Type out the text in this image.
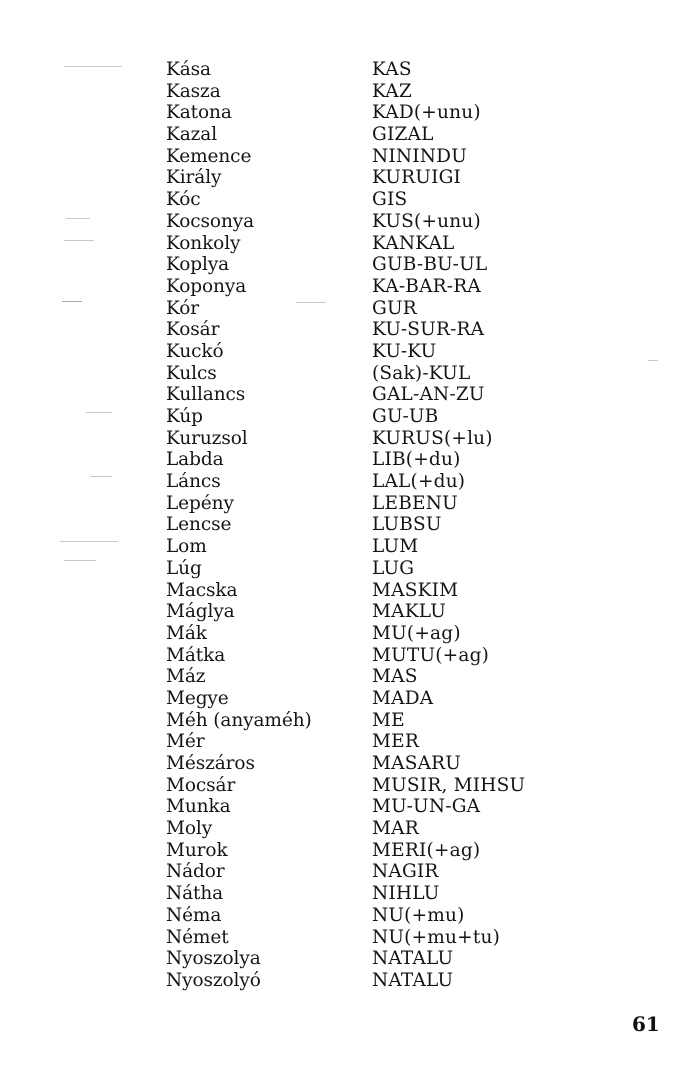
Kása	KAS
Kasza	KAZ
Katona	KAD(+unu)
Kazal	GIZAL
Kemence	NININDU
Király	KURUIGI
Kóc	GIS
Kocsonya	KUS(+unu)
Konkoly	KANKAL
Koplya	GUB-BU-UL
Koponya	KA-BAR-RA
Kór	GUR
Kosár	KU-SUR-RA
Kuckó	KU-KU
Kulcs	(Sak)-KUL
Kullancs	GAL-AN-ZU
Kúp	GU-UB
Kuruzsol	KURUS(+lu)
Labda	LIB(+du)
Láncs	LAL(+du)
Lepény	LEBENU
Lencse	LUBSU
Lom	LUM
Lúg	LUG
Macska	MASKIM
Máglya	MAKLU
Mák	MU(+ag)
Mátka	MUTU(+ag)
Máz	MAS
Megye	MADA
Méh (anyaméh)	ME
Mér	MER
Mészáros	MASARU
Mocsár	MUSIR, MIHSU
Munka	MU-UN-GA
Moly	MAR
Murok	MERI(+ag)
Nádor	NAGIR
Nátha	NIHLU
Néma	NU(+mu)
Német	NU(+mu+tu)
Nyoszolya	NATALU
Nyoszolyó	NATALU
61
